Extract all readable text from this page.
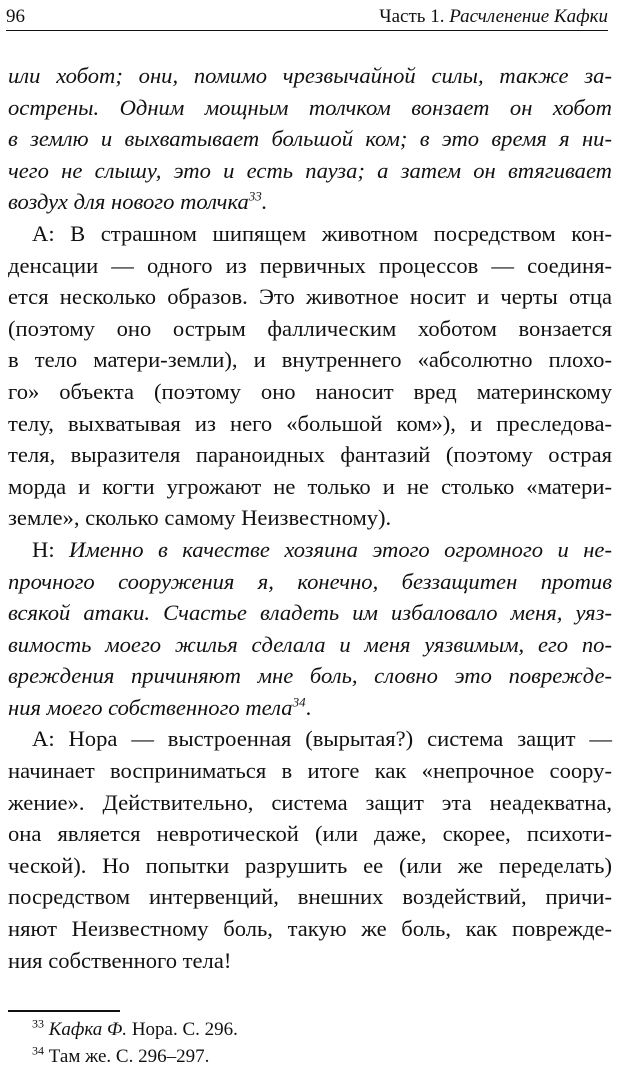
96	Часть 1. Расчленение Кафки
или хобот; они, помимо чрезвычайной силы, также за-
острены. Одним мощным толчком вонзает он хобот
в землю и выхватывает большой ком; в это время я ни-
чего не слышу, это и есть пауза; а затем он втягивает
воздух для нового толчка$^{33}$.
А: В страшном шипящем животном посредством кон-
денсации — одного из первичных процессов — соединя-
ется несколько образов. Это животное носит и черты отца
(поэтому оно острым фаллическим хоботом вонзается
в тело матери-земли), и внутреннего «абсолютно плохо-
го» объекта (поэтому оно наносит вред материнскому
телу, выхватывая из него «большой ком»), и преследова-
теля, выразителя параноидных фантазий (поэтому острая
морда и когти угрожают не только и не столько «матери-
земле», сколько самому Неизвестному).
Н: Именно в качестве хозяина этого огромного и не-
прочного сооружения я, конечно, беззащитен против
всякой атаки. Счастье владеть им избаловало меня, уяз-
вимость моего жилья сделала и меня уязвимым, его по-
вреждения причиняют мне боль, словно это поврежде-
ния моего собственного тела$^{34}$.
А: Нора — выстроенная (вырытая?) система защит —
начинает восприниматься в итоге как «непрочное соору-
жение». Действительно, система защит эта неадекватна,
она является невротической (или даже, скорее, психоти-
ческой). Но попытки разрушить ее (или же переделать)
посредством интервенций, внешних воздействий, причи-
няют Неизвестному боль, такую же боль, как поврежде-
ния собственного тела!
$^{33}$ Кафка Ф. Нора. С. 296.
$^{34}$ Там же. С. 296–297.
